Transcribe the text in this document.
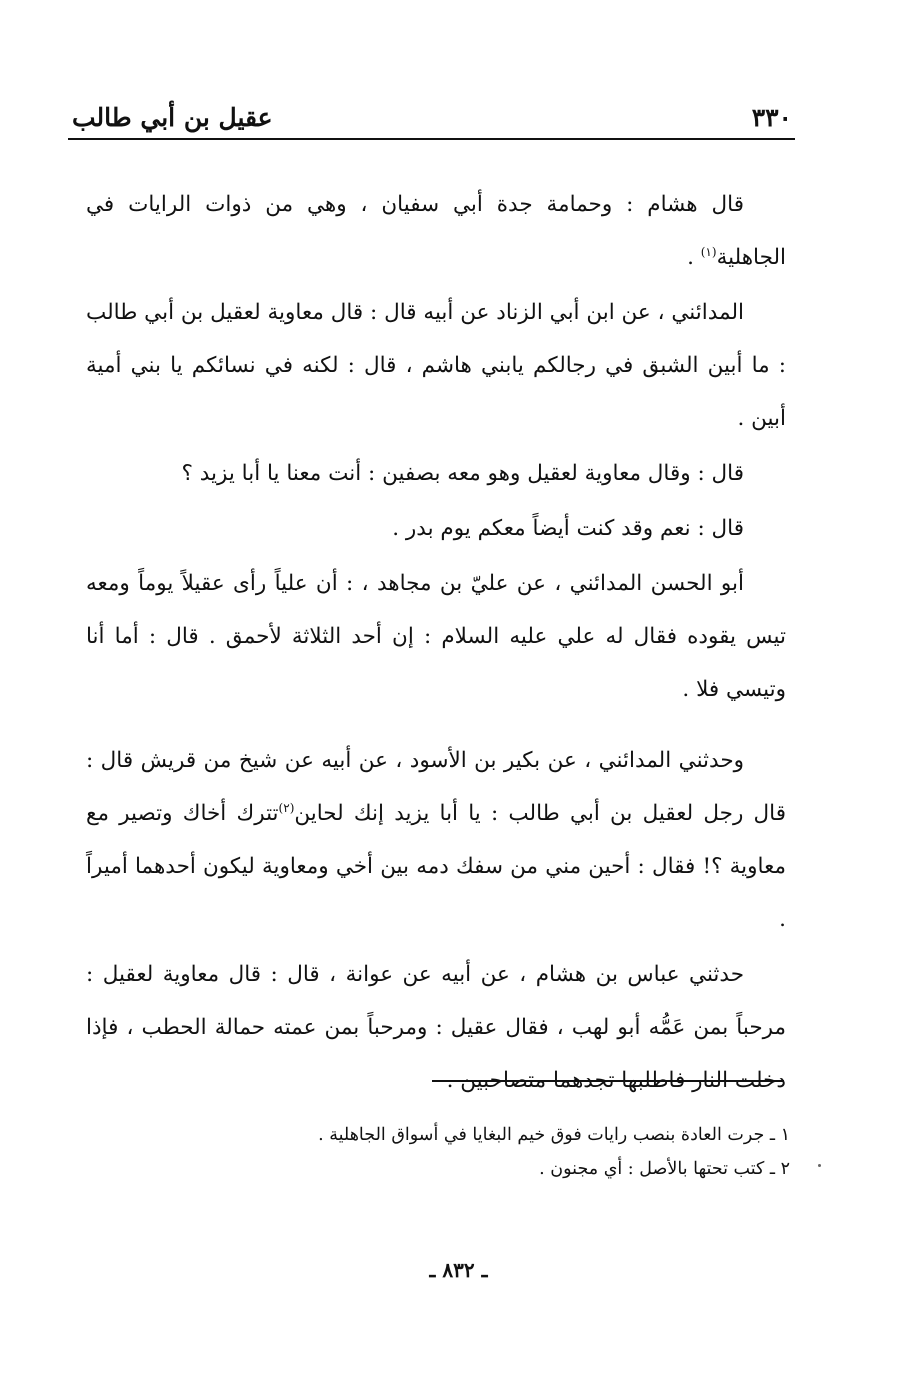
٣٣٠
عقيل بن أبي طالب

قال هشام : وحمامة جدة أبي سفيان ، وهي من ذوات الرايات في الجاهلية$^{(١)}$ .

المدائني ، عن ابن أبي الزناد عن أبيه قال : قال معاوية لعقيل بن أبي طالب : ما أبين الشبق في رجالكم يابني هاشم ، قال : لكنه في نسائكم يا بني أمية أبين .

قال : وقال معاوية لعقيل وهو معه بصفين : أنت معنا يا أبا يزيد ؟

قال : نعم وقد كنت أيضاً معكم يوم بدر .

أبو الحسن المدائني ، عن عليّ بن مجاهد ، : أن علياً رأى عقيلاً يوماً ومعه تيس يقوده فقال له علي عليه السلام : إن أحد الثلاثة لأحمق . قال : أما أنا وتيسي فلا .

وحدثني المدائني ، عن بكير بن الأسود ، عن أبيه عن شيخ من قريش قال : قال رجل لعقيل بن أبي طالب : يا أبا يزيد إنك لحاين$^{(٢)}$تترك أخاك وتصير مع معاوية ؟! فقال : أحين مني من سفك دمه بين أخي ومعاوية ليكون أحدهما أميراً .

حدثني عباس بن هشام ، عن أبيه عن عوانة ، قال : قال معاوية لعقيل : مرحباً بمن عَمُّه أبو لهب ، فقال عقيل : ومرحباً بمن عمته حمالة الحطب ، فإذا دخلت النار فاطلبها تجدهما متصاحبين .

١ ـ جرت العادة بنصب رايات فوق خيم البغايا في أسواق الجاهلية .

٢ ـ كتب تحتها بالأصل : أي مجنون .

ـ ٨٣٢ ـ
